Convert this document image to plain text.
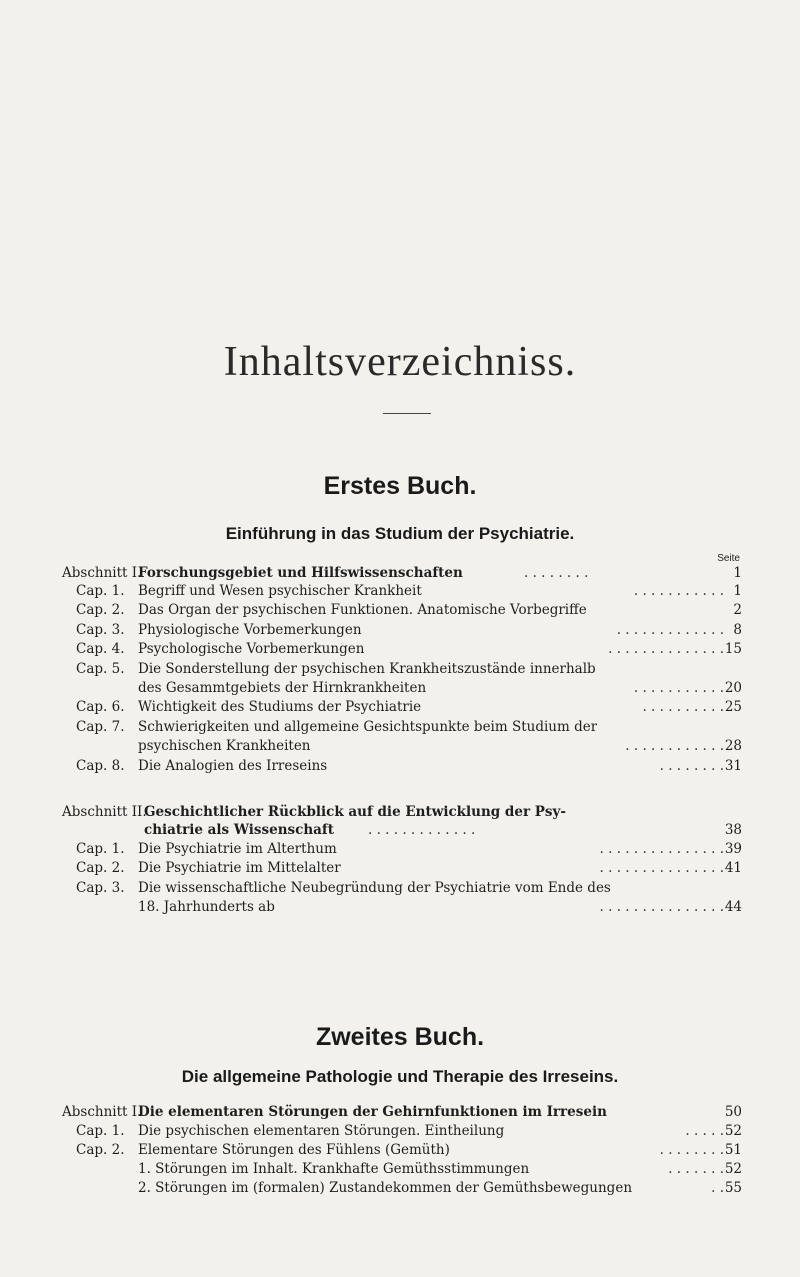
Inhaltsverzeichniss.
Erstes Buch.
Einführung in das Studium der Psychiatrie.
Seite
Abschnitt I.
Forschungsgebiet und Hilfswissenschaften	. . . . . . . .	1
Cap. 1. Begriff und Wesen psychischer Krankheit	. . . . . . . . . . . 1
Cap. 2. Das Organ der psychischen Funktionen. Anatomische Vorbegriffe	2
Cap. 3. Physiologische Vorbemerkungen	. . . . . . . . . . . . . 8
Cap. 4. Psychologische Vorbemerkungen	. . . . . . . . . . . . . . 15
Cap. 5. Die Sonderstellung der psychischen Krankheitszustände innerhalb
des Gesammtgebiets der Hirnkrankheiten	. . . . . . . . . . . 20
Cap. 6. Wichtigkeit des Studiums der Psychiatrie	. . . . . . . . . . 25
Cap. 7. Schwierigkeiten und allgemeine Gesichtspunkte beim Studium der
psychischen Krankheiten	. . . . . . . . . . . . 28
Cap. 8. Die Analogien des Irreseins	. . . . . . . . 31
Abschnitt II.
Geschichtlicher Rückblick auf die Entwicklung der Psy-
chiatrie als Wissenschaft	. . . . . . . . . . . . .	38
Cap. 1. Die Psychiatrie im Alterthum	. . . . . . . . . . . . . . . 39
Cap. 2. Die Psychiatrie im Mittelalter	. . . . . . . . . . . . . . . 41
Cap. 3. Die wissenschaftliche Neubegründung der Psychiatrie vom Ende des
18. Jahrhunderts ab	. . . . . . . . . . . . . . . 44
Zweites Buch.
Die allgemeine Pathologie und Therapie des Irreseins.
Abschnitt I.
Die elementaren Störungen der Gehirnfunktionen im Irresein	50
Cap. 1. Die psychischen elementaren Störungen. Eintheilung	. . . . . 52
Cap. 2. Elementare Störungen des Fühlens (Gemüth)	. . . . . . . . 51
1. Störungen im Inhalt. Krankhafte Gemüthsstimmungen	. . . . . . . 52
2. Störungen im (formalen) Zustandekommen der Gemüthsbewegungen	. . 55
